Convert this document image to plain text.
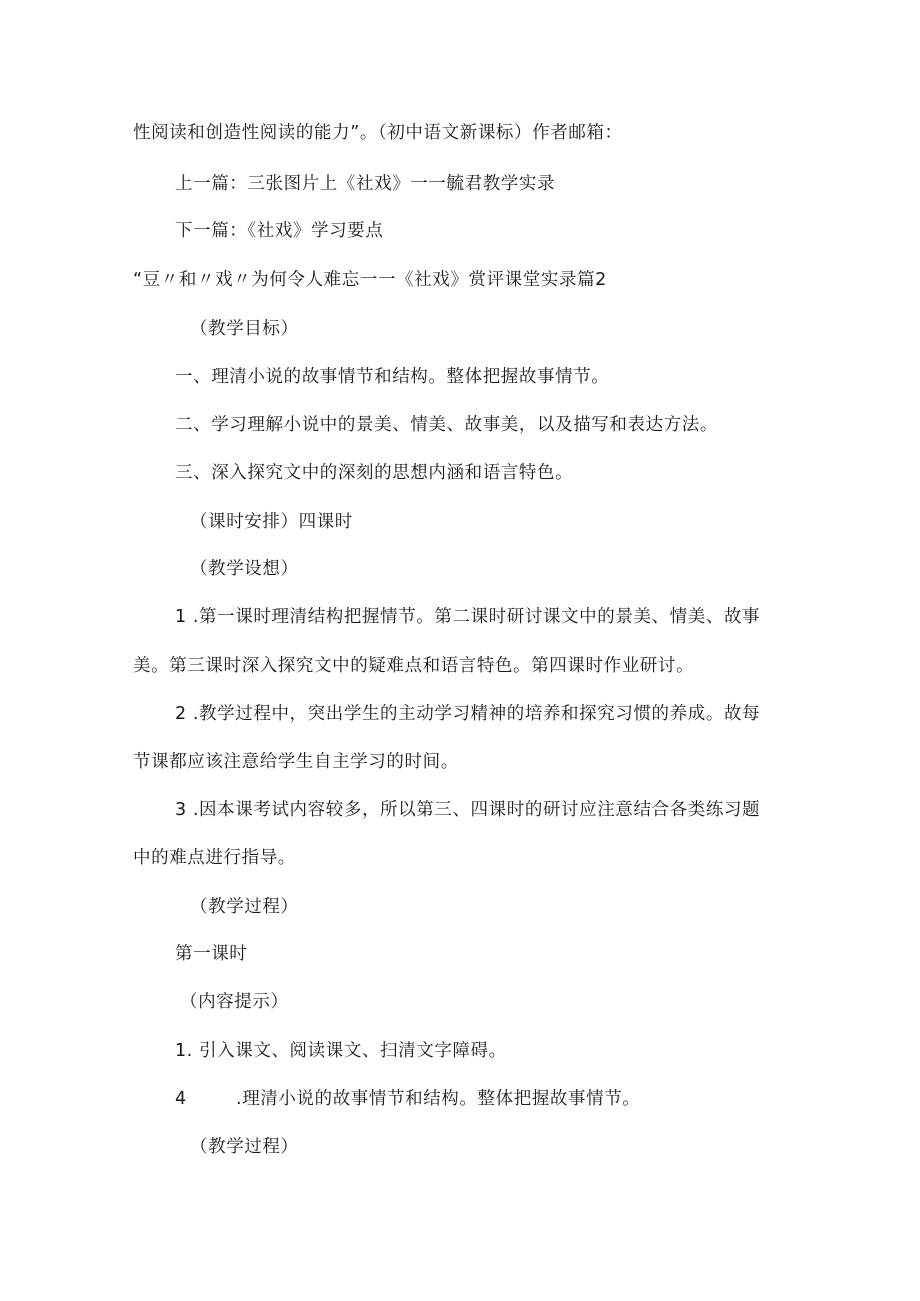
性阅读和创造性阅读的能力”。（初中语文新课标）作者邮箱：
上一篇：三张图片上《社戏》一一毓君教学实录
下一篇：《社戏》学习要点
“豆〃和〃戏〃为何令人难忘一一《社戏》赏评课堂实录篇2
（教学目标）
一、理清小说的故事情节和结构。整体把握故事情节。
二、学习理解小说中的景美、情美、故事美，以及描写和表达方法。
三、深入探究文中的深刻的思想内涵和语言特色。
（课时安排）四课时
（教学设想）
1 .第一课时理清结构把握情节。第二课时研讨课文中的景美、情美、故事
美。第三课时深入探究文中的疑难点和语言特色。第四课时作业研讨。
2 .教学过程中，突出学生的主动学习精神的培养和探究习惯的养成。故每
节课都应该注意给学生自主学习的时间。
3 .因本课考试内容较多，所以第三、四课时的研讨应注意结合各类练习题
中的难点进行指导。
（教学过程）
第一课时
（内容提示）
1. 引入课文、阅读课文、扫清文字障碍。
4        .理清小说的故事情节和结构。整体把握故事情节。
（教学过程）
